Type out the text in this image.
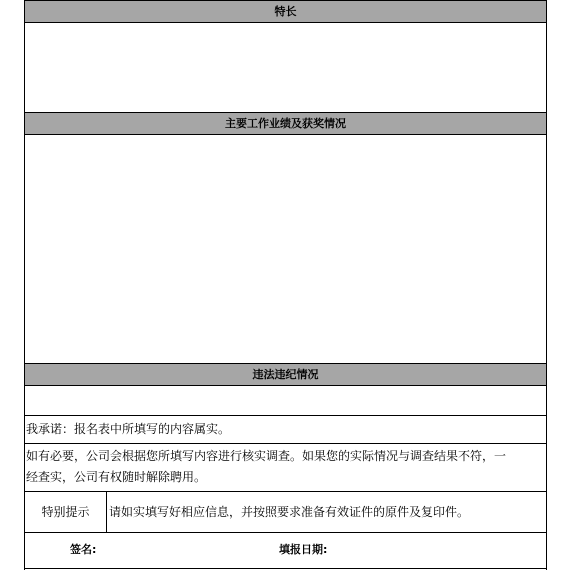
特长
主要工作业绩及获奖情况
违法违纪情况
我承诺：报名表中所填写的内容属实。
如有必要，公司会根据您所填写内容进行核实调查。如果您的实际情况与调查结果不符，一
经查实，公司有权随时解除聘用。
特别提示	请如实填写好相应信息，并按照要求准备有效证件的原件及复印件。
签名:	填报日期:
